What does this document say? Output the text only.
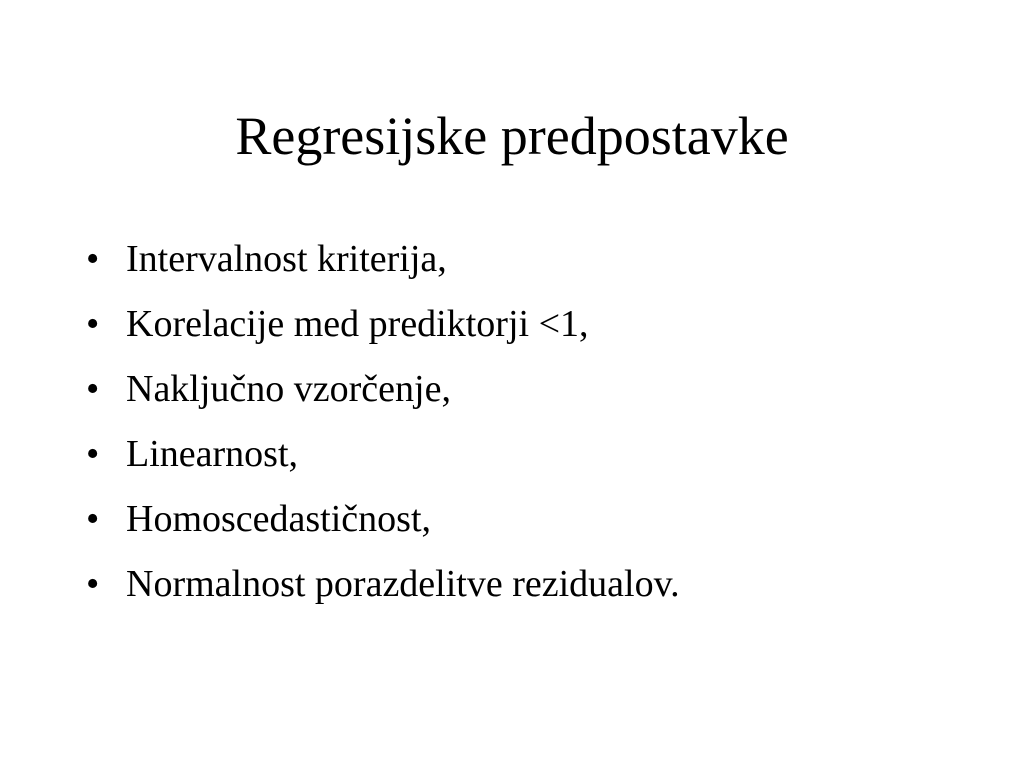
Regresijske predpostavke
• Intervalnost kriterija,
• Korelacije med prediktorji <1,
• Naključno vzorčenje,
• Linearnost,
• Homoscedastičnost,
• Normalnost porazdelitve rezidualov.
